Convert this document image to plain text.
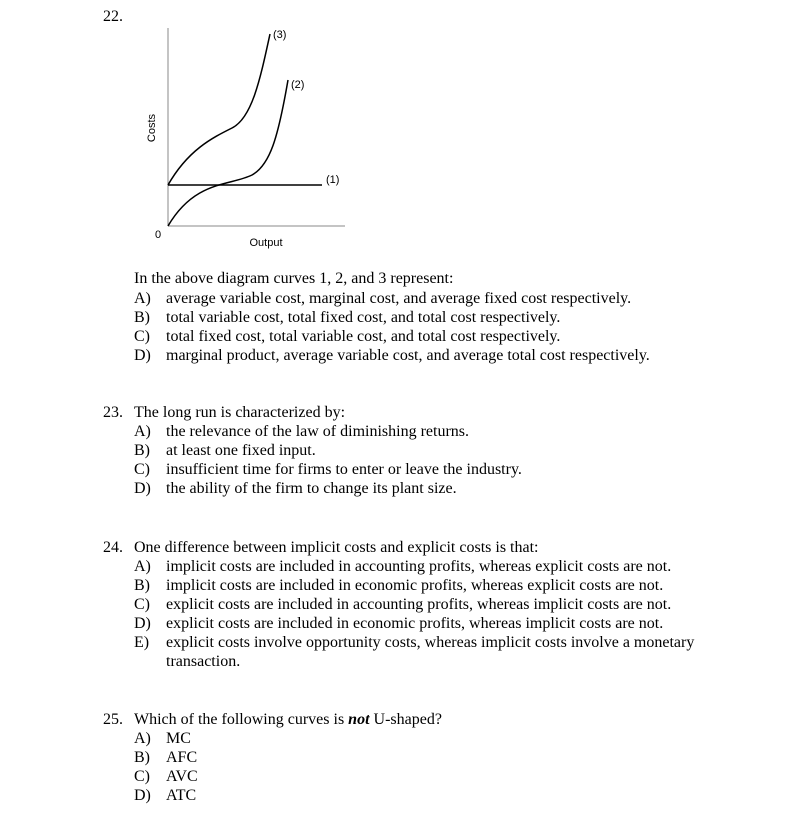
22.
Costs
Output
0
(1)
(2)
(3)
In the above diagram curves 1, 2, and 3 represent:
A) average variable cost, marginal cost, and average fixed cost respectively.
B) total variable cost, total fixed cost, and total cost respectively.
C) total fixed cost, total variable cost, and total cost respectively.
D) marginal product, average variable cost, and average total cost respectively.
23. The long run is characterized by:
A) the relevance of the law of diminishing returns.
B) at least one fixed input.
C) insufficient time for firms to enter or leave the industry.
D) the ability of the firm to change its plant size.
24. One difference between implicit costs and explicit costs is that:
A) implicit costs are included in accounting profits, whereas explicit costs are not.
B) implicit costs are included in economic profits, whereas explicit costs are not.
C) explicit costs are included in accounting profits, whereas implicit costs are not.
D) explicit costs are included in economic profits, whereas implicit costs are not.
E) explicit costs involve opportunity costs, whereas implicit costs involve a monetary
transaction.
25. Which of the following curves is not U-shaped?
A) MC
B) AFC
C) AVC
D) ATC
